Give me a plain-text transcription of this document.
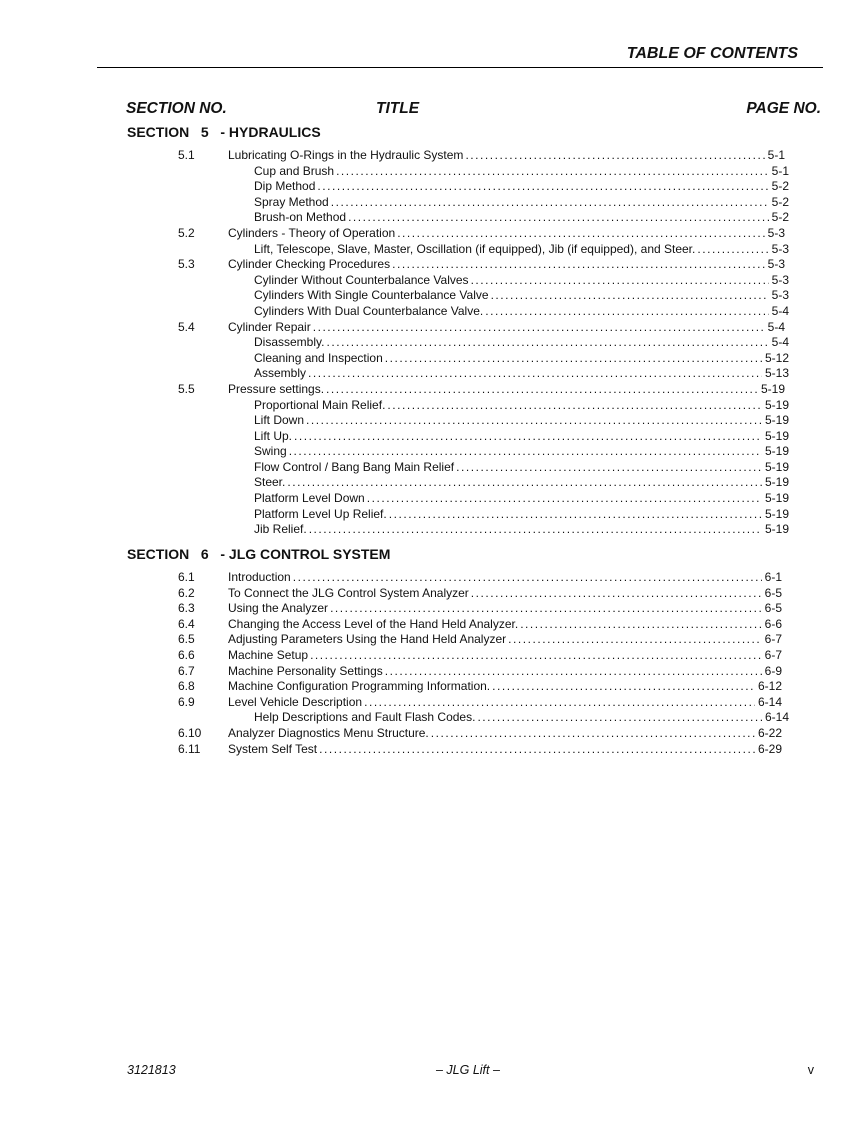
TABLE OF CONTENTS
SECTION NO.	TITLE	PAGE NO.
SECTION   5   - HYDRAULICS
5.1	Lubricating O-Rings in the Hydraulic System . . .	5-1
Cup and Brush . . .	5-1
Dip Method . . .	5-2
Spray Method . . .	5-2
Brush-on Method . . .	5-2
5.2	Cylinders - Theory of Operation . . .	5-3
Lift, Telescope, Slave, Master, Oscillation (if equipped), Jib (if equipped), and Steer. . . .	5-3
5.3	Cylinder Checking Procedures . . .	5-3
Cylinder Without Counterbalance Valves . . .	5-3
Cylinders With Single Counterbalance Valve . . .	5-3
Cylinders With Dual Counterbalance Valve. . . .	5-4
5.4	Cylinder Repair . . .	5-4
Disassembly. . . .	5-4
Cleaning and Inspection . . .	5-12
Assembly . . .	5-13
5.5	Pressure settings. . . .	5-19
Proportional Main Relief. . . .	5-19
Lift Down . . .	5-19
Lift Up. . . .	5-19
Swing . . .	5-19
Flow Control / Bang Bang Main Relief . . .	5-19
Steer. . . .	5-19
Platform Level Down . . .	5-19
Platform Level Up Relief. . . .	5-19
Jib Relief. . . .	5-19
SECTION   6   - JLG CONTROL SYSTEM
6.1	Introduction . . .	6-1
6.2	To Connect the JLG Control System Analyzer . . .	6-5
6.3	Using the Analyzer . . .	6-5
6.4	Changing the Access Level of the Hand Held Analyzer. . . .	6-6
6.5	Adjusting Parameters Using the Hand Held Analyzer . . .	6-7
6.6	Machine Setup . . .	6-7
6.7	Machine Personality Settings . . .	6-9
6.8	Machine Configuration Programming Information. . . .	6-12
6.9	Level Vehicle Description . . .	6-14
Help Descriptions and Fault Flash Codes. . . .	6-14
6.10 Analyzer Diagnostics Menu Structure. . . .	6-22
6.11 System Self Test . . .	6-29
3121813	– JLG Lift –	v
